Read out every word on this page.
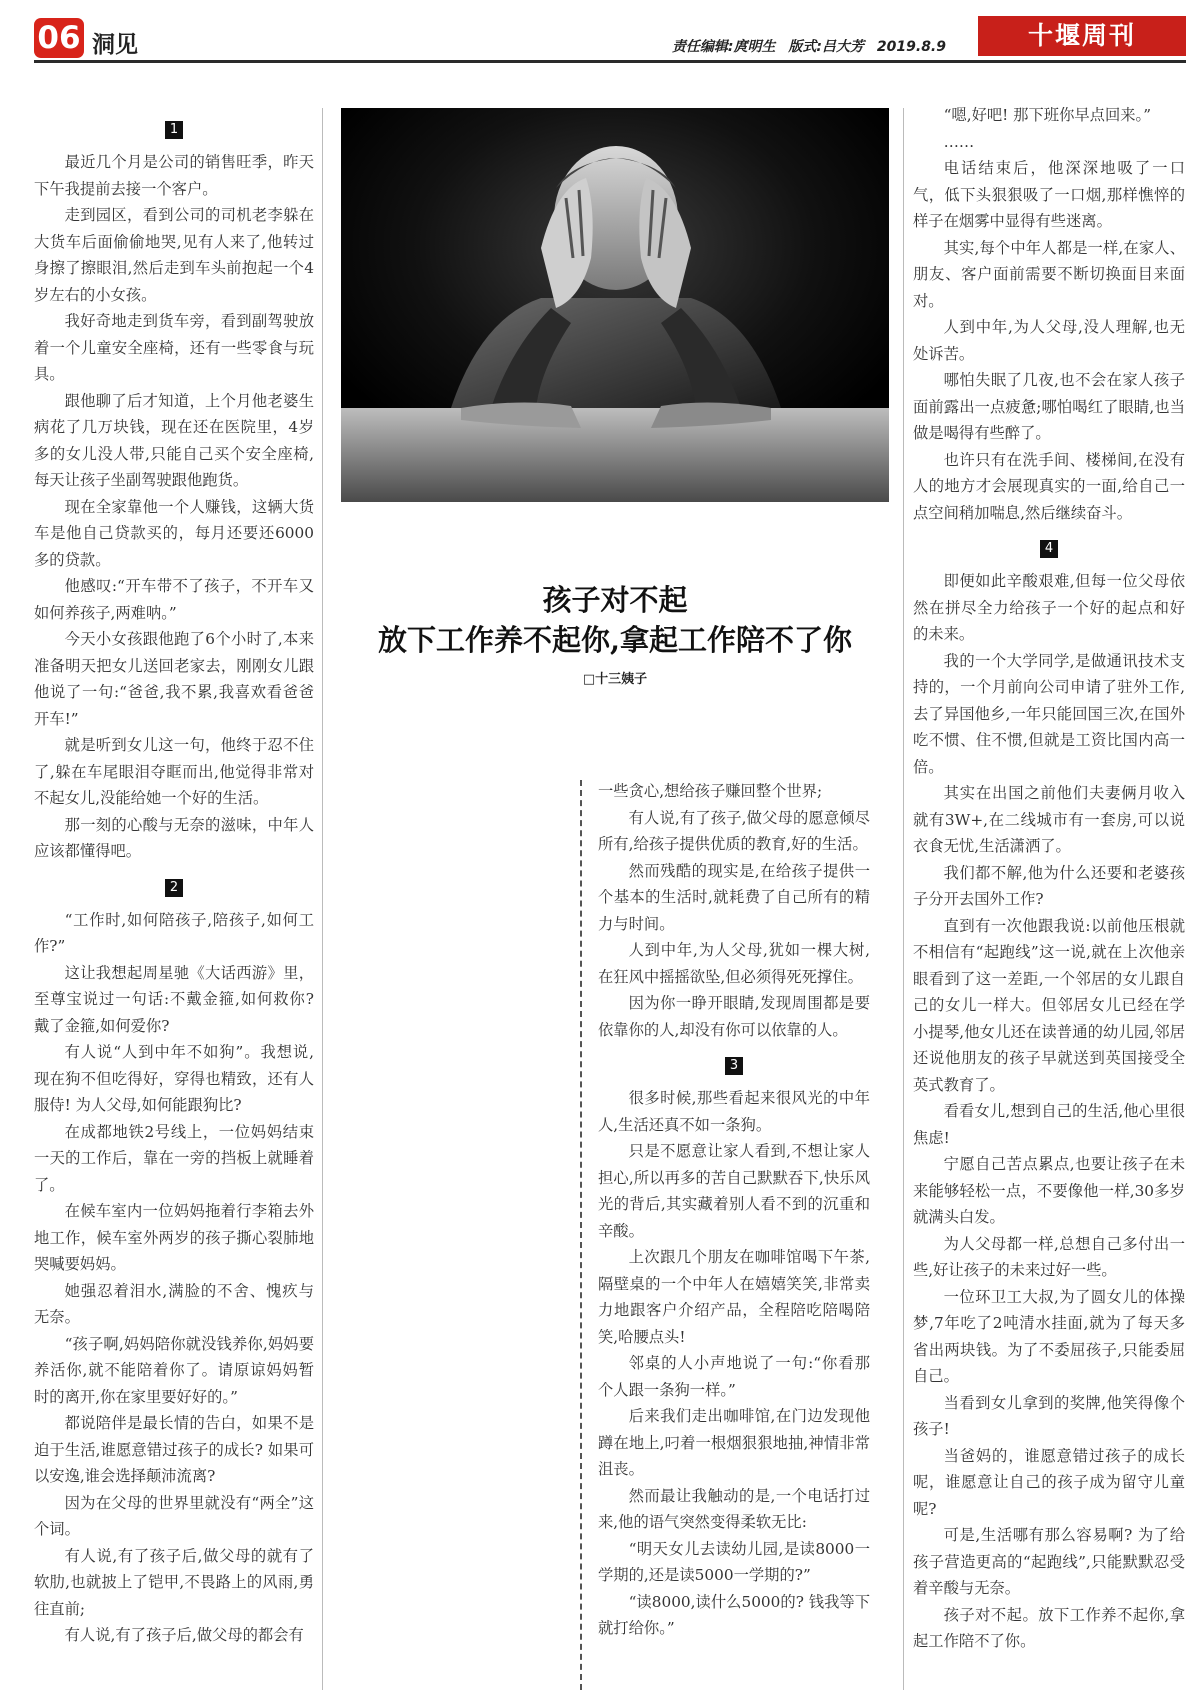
06 洞见	责任编辑:庹明生 版式:吕大芳 2019.8.9	十堰周刊
1

最近几个月是公司的销售旺季，昨天下午我提前去接一个客户。

走到园区，看到公司的司机老李躲在大货车后面偷偷地哭,见有人来了,他转过身擦了擦眼泪,然后走到车头前抱起一个4岁左右的小女孩。

我好奇地走到货车旁，看到副驾驶放着一个儿童安全座椅，还有一些零食与玩具。

跟他聊了后才知道，上个月他老婆生病花了几万块钱，现在还在医院里，4岁多的女儿没人带,只能自己买个安全座椅,每天让孩子坐副驾驶跟他跑货。

现在全家靠他一个人赚钱，这辆大货车是他自己贷款买的，每月还要还6000多的贷款。

他感叹:“开车带不了孩子，不开车又如何养孩子,两难呐。”

今天小女孩跟他跑了6个小时了,本来准备明天把女儿送回老家去，刚刚女儿跟他说了一句:“爸爸,我不累,我喜欢看爸爸开车!”

就是听到女儿这一句，他终于忍不住了,躲在车尾眼泪夺眶而出,他觉得非常对不起女儿,没能给她一个好的生活。

那一刻的心酸与无奈的滋味，中年人应该都懂得吧。

2

“工作时,如何陪孩子,陪孩子,如何工作?”

这让我想起周星驰《大话西游》里，至尊宝说过一句话:不戴金箍,如何救你? 戴了金箍,如何爱你?

有人说“人到中年不如狗”。我想说,现在狗不但吃得好，穿得也精致，还有人服侍! 为人父母,如何能跟狗比?

在成都地铁2号线上，一位妈妈结束一天的工作后，靠在一旁的挡板上就睡着了。

在候车室内一位妈妈拖着行李箱去外地工作，候车室外两岁的孩子撕心裂肺地哭喊要妈妈。

她强忍着泪水,满脸的不舍、愧疚与无奈。

“孩子啊,妈妈陪你就没钱养你,妈妈要养活你,就不能陪着你了。请原谅妈妈暂时的离开,你在家里要好好的。”

都说陪伴是最长情的告白，如果不是迫于生活,谁愿意错过孩子的成长? 如果可以安逸,谁会选择颠沛流离?

因为在父母的世界里就没有“两全”这个词。

有人说,有了孩子后,做父母的就有了软肋,也就披上了铠甲,不畏路上的风雨,勇往直前;

有人说,有了孩子后,做父母的都会有

孩子对不起
放下工作养不起你,拿起工作陪不了你
□十三姨子

一些贪心,想给孩子赚回整个世界;

有人说,有了孩子,做父母的愿意倾尽所有,给孩子提供优质的教育,好的生活。

然而残酷的现实是,在给孩子提供一个基本的生活时,就耗费了自己所有的精力与时间。

人到中年,为人父母,犹如一棵大树,在狂风中摇摇欲坠,但必须得死死撑住。

因为你一睁开眼睛,发现周围都是要依靠你的人,却没有你可以依靠的人。

3

很多时候,那些看起来很风光的中年人,生活还真不如一条狗。

只是不愿意让家人看到,不想让家人担心,所以再多的苦自己默默吞下,快乐风光的背后,其实藏着别人看不到的沉重和辛酸。

上次跟几个朋友在咖啡馆喝下午茶,隔壁桌的一个中年人在嬉嬉笑笑,非常卖力地跟客户介绍产品，全程陪吃陪喝陪笑,哈腰点头!

邻桌的人小声地说了一句:“你看那个人跟一条狗一样。”

后来我们走出咖啡馆,在门边发现他蹲在地上,叼着一根烟狠狠地抽,神情非常沮丧。

然而最让我触动的是,一个电话打过来,他的语气突然变得柔软无比:

“明天女儿去读幼儿园,是读8000一学期的,还是读5000一学期的?”

“读8000,读什么5000的? 钱我等下就打给你。”

“嗯,好吧! 那下班你早点回来。”

……

电话结束后，他深深地吸了一口气，低下头狠狠吸了一口烟,那样憔悴的样子在烟雾中显得有些迷离。

其实,每个中年人都是一样,在家人、朋友、客户面前需要不断切换面目来面对。

人到中年,为人父母,没人理解,也无处诉苦。

哪怕失眠了几夜,也不会在家人孩子面前露出一点疲惫;哪怕喝红了眼睛,也当做是喝得有些醉了。

也许只有在洗手间、楼梯间,在没有人的地方才会展现真实的一面,给自己一点空间稍加喘息,然后继续奋斗。

4

即便如此辛酸艰难,但每一位父母依然在拼尽全力给孩子一个好的起点和好的未来。

我的一个大学同学,是做通讯技术支持的，一个月前向公司申请了驻外工作,去了异国他乡,一年只能回国三次,在国外吃不惯、住不惯,但就是工资比国内高一倍。

其实在出国之前他们夫妻俩月收入就有3W+,在二线城市有一套房,可以说衣食无忧,生活潇洒了。

我们都不解,他为什么还要和老婆孩子分开去国外工作?

直到有一次他跟我说:以前他压根就不相信有“起跑线”这一说,就在上次他亲眼看到了这一差距,一个邻居的女儿跟自己的女儿一样大。但邻居女儿已经在学小提琴,他女儿还在读普通的幼儿园,邻居还说他朋友的孩子早就送到英国接受全英式教育了。

看看女儿,想到自己的生活,他心里很焦虑!

宁愿自己苦点累点,也要让孩子在未来能够轻松一点，不要像他一样,30多岁就满头白发。

为人父母都一样,总想自己多付出一些,好让孩子的未来过好一些。

一位环卫工大叔,为了圆女儿的体操梦,7年吃了2吨清水挂面,就为了每天多省出两块钱。为了不委屈孩子,只能委屈自己。

当看到女儿拿到的奖牌,他笑得像个孩子!

当爸妈的，谁愿意错过孩子的成长呢，谁愿意让自己的孩子成为留守儿童呢?

可是,生活哪有那么容易啊? 为了给孩子营造更高的“起跑线”,只能默默忍受着辛酸与无奈。

孩子对不起。放下工作养不起你,拿起工作陪不了你。
